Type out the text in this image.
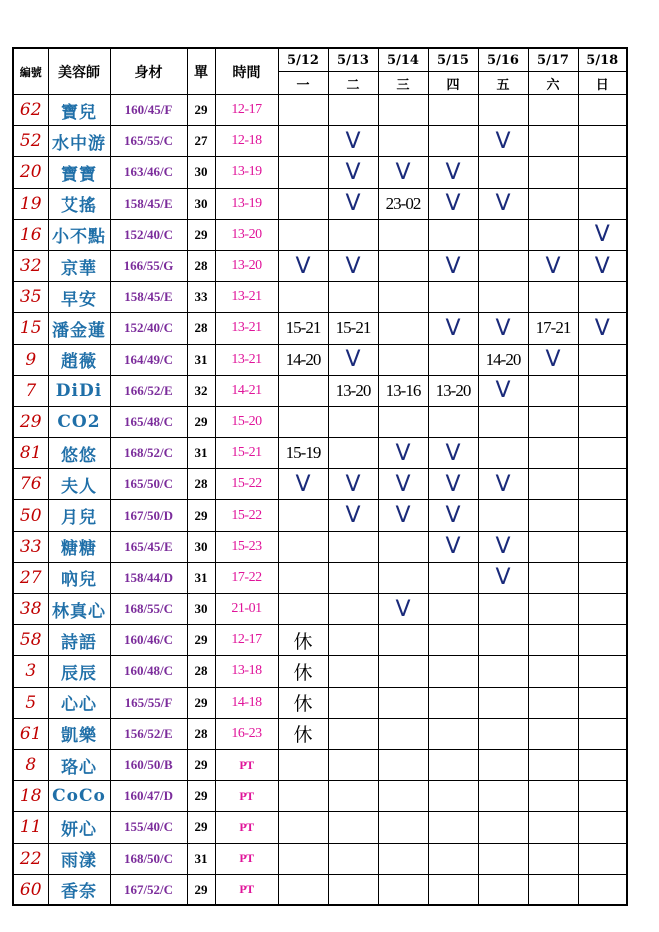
編號	美容師	身材	單	時間	5/12	5/13	5/14	5/15	5/16	5/17	5/18
					一	二	三	四	五	六	日
62	寶兒	160/45/F	29	12-17							
52	水中游	165/55/C	27	12-18		V			V		
20	寶寶	163/46/C	30	13-19		V	V	V			
19	艾搖	158/45/E	30	13-19		V	23-02	V	V		
16	小不點	152/40/C	29	13-20							V
32	京華	166/55/G	28	13-20	V	V		V		V	V
35	早安	158/45/E	33	13-21							
15	潘金蓮	152/40/C	28	13-21	15-21	15-21		V	V	17-21	V
9	趙薇	164/49/C	31	13-21	14-20	V			14-20	V	
7	DiDi	166/52/E	32	14-21		13-20	13-16	13-20	V		
29	CO2	165/48/C	29	15-20							
81	悠悠	168/52/C	31	15-21	15-19		V	V			
76	夫人	165/50/C	28	15-22	V	V	V	V	V		
50	月兒	167/50/D	29	15-22		V	V	V			
33	糖糖	165/45/E	30	15-23				V	V		
27	吶兒	158/44/D	31	17-22					V		
38	林真心	168/55/C	30	21-01			V				
58	詩語	160/46/C	29	12-17	休						
3	辰辰	160/48/C	28	13-18	休						
5	心心	165/55/F	29	14-18	休						
61	凱樂	156/52/E	28	16-23	休						
8	珞心	160/50/B	29	PT							
18	CoCo	160/47/D	29	PT							
11	妍心	155/40/C	29	PT							
22	雨漾	168/50/C	31	PT							
60	香奈	167/52/C	29	PT							
